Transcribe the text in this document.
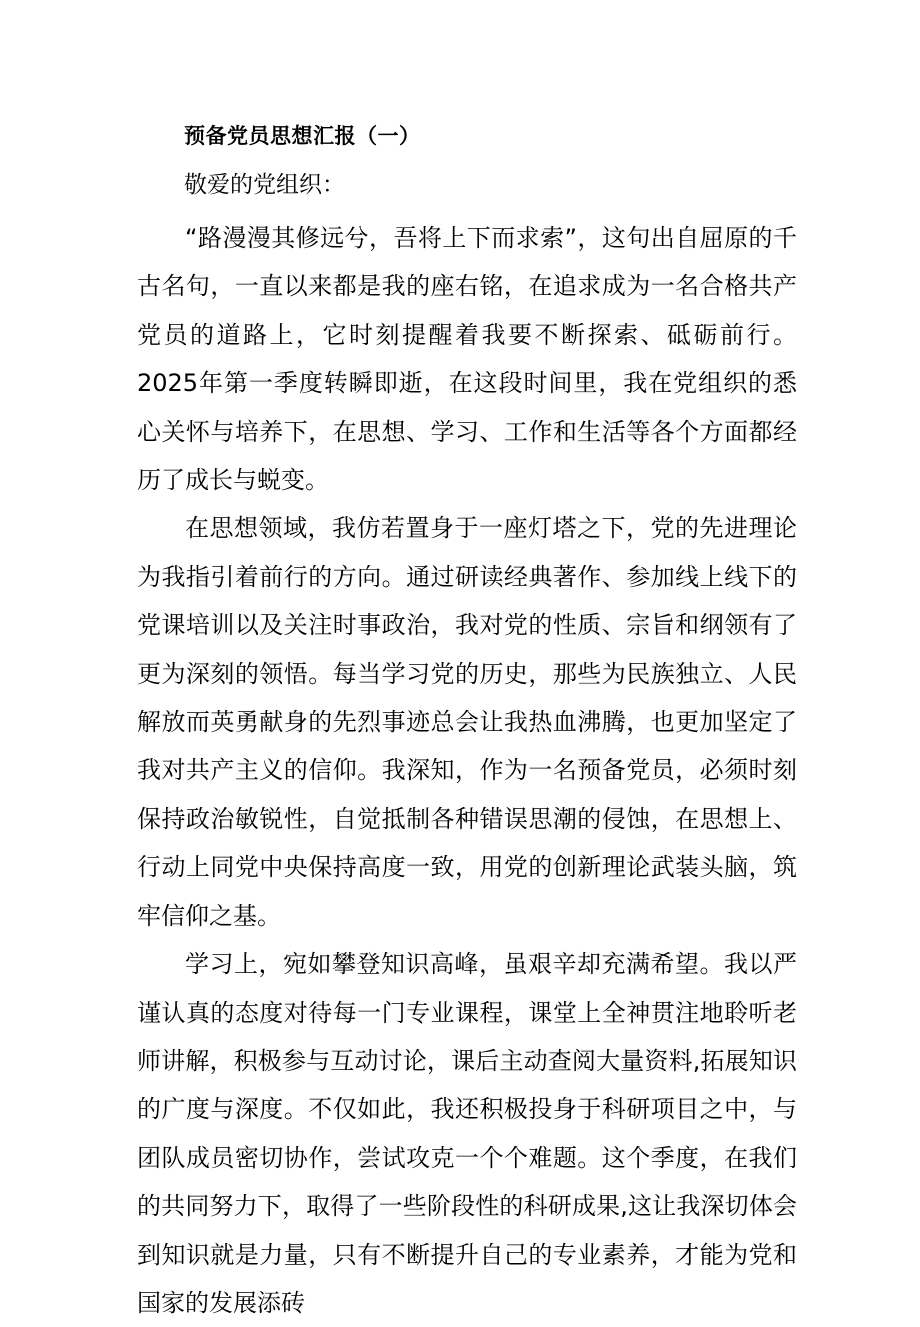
预备党员思想汇报（一）
敬爱的党组织：

“路漫漫其修远兮，吾将上下而求索”，这句出自屈原的千古名句，一直以来都是我的座右铭，在追求成为一名合格共产党员的道路上，它时刻提醒着我要不断探索、砥砺前行。2025年第一季度转瞬即逝，在这段时间里，我在党组织的悉心关怀与培养下，在思想、学习、工作和生活等各个方面都经历了成长与蜕变。

在思想领域，我仿若置身于一座灯塔之下，党的先进理论为我指引着前行的方向。通过研读经典著作、参加线上线下的党课培训以及关注时事政治，我对党的性质、宗旨和纲领有了更为深刻的领悟。每当学习党的历史，那些为民族独立、人民解放而英勇献身的先烈事迹总会让我热血沸腾，也更加坚定了我对共产主义的信仰。我深知，作为一名预备党员，必须时刻保持政治敏锐性，自觉抵制各种错误思潮的侵蚀，在思想上、行动上同党中央保持高度一致，用党的创新理论武装头脑，筑牢信仰之基。

学习上，宛如攀登知识高峰，虽艰辛却充满希望。我以严谨认真的态度对待每一门专业课程，课堂上全神贯注地聆听老师讲解，积极参与互动讨论，课后主动查阅大量资料,拓展知识的广度与深度。不仅如此，我还积极投身于科研项目之中，与团队成员密切协作，尝试攻克一个个难题。这个季度，在我们的共同努力下，取得了一些阶段性的科研成果,这让我深切体会到知识就是力量，只有不断提升自己的专业素养，才能为党和国家的发展添砖
